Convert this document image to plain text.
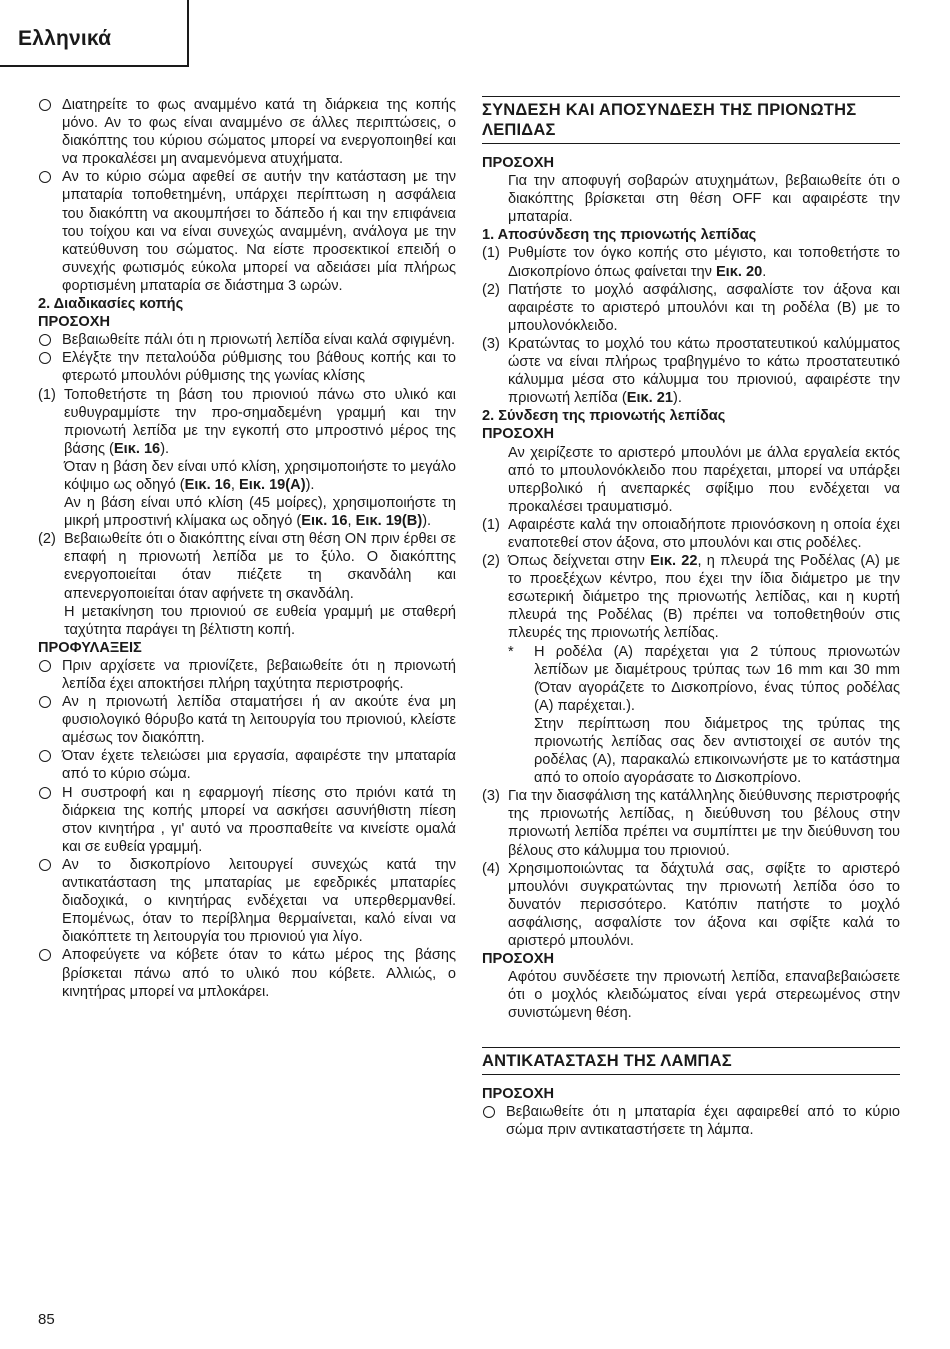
Ελληνικά
Διατηρείτε το φως αναμμένο κατά τη διάρκεια της κοπής μόνο. Αν το φως είναι αναμμένο σε άλλες περιπτώσεις, ο διακόπτης του κύριου σώματος μπορεί να ενεργοποιηθεί και να προκαλέσει μη αναμενόμενα ατυχήματα.
Αν το κύριο σώμα αφεθεί σε αυτήν την κατάσταση με την μπαταρία τοποθετημένη, υπάρχει περίπτωση η ασφάλεια του διακόπτη να ακουμπήσει το δάπεδο ή και την επιφάνεια του τοίχου και να είναι συνεχώς αναμμένη, ανάλογα με την κατεύθυνση του σώματος. Να είστε προσεκτικοί επειδή ο συνεχής φωτισμός εύκολα μπορεί να αδειάσει μία πλήρως φορτισμένη μπαταρία σε διάστημα 3 ωρών.
2. Διαδικασίες κοπής
ΠΡΟΣΟΧΗ
Βεβαιωθείτε πάλι ότι η πριονωτή λεπίδα είναι καλά σφιγμένη.
Ελέγξτε την πεταλούδα ρύθμισης του βάθους κοπής και το φτερωτό μπουλόνι ρύθμισης της γωνίας κλίσης
(1) Τοποθετήστε τη βάση του πριονιού πάνω στο υλικό και ευθυγραμμίστε την προ-σημαδεμένη γραμμή και την πριονωτή λεπίδα με την εγκοπή στο μπροστινό μέρος της βάσης (Εικ. 16).
Όταν η βάση δεν είναι υπό κλίση, χρησιμοποιήστε το μεγάλο κόψιμο ως οδηγό (Εικ. 16, Εικ. 19(A)).
Αν η βάση είναι υπό κλίση (45 μοίρες), χρησιμοποιήστε τη μικρή μπροστινή κλίμακα ως οδηγό (Εικ. 16, Εικ. 19(B)).
(2) Βεβαιωθείτε ότι ο διακόπτης είναι στη θέση ON πριν έρθει σε επαφή η πριονωτή λεπίδα με το ξύλο. Ο διακόπτης ενεργοποιείται όταν πιέζετε τη σκανδάλη και απενεργοποιείται όταν αφήνετε τη σκανδάλη.
Η μετακίνηση του πριονιού σε ευθεία γραμμή με σταθερή ταχύτητα παράγει τη βέλτιστη κοπή.
ΠΡΟΦΥΛΑΞΕΙΣ
Πριν αρχίσετε να πριονίζετε, βεβαιωθείτε ότι η πριονωτή λεπίδα έχει αποκτήσει πλήρη ταχύτητα περιστροφής.
Αν η πριονωτή λεπίδα σταματήσει ή αν ακούτε ένα μη φυσιολογικό θόρυβο κατά τη λειτουργία του πριονιού, κλείστε αμέσως τον διακόπτη.
Όταν έχετε τελειώσει μια εργασία, αφαιρέστε την μπαταρία από το κύριο σώμα.
Η συστροφή και η εφαρμογή πίεσης στο πριόνι κατά τη διάρκεια της κοπής μπορεί να ασκήσει ασυνήθιστη πίεση στον κινητήρα , γι' αυτό να προσπαθείτε να κινείστε ομαλά και σε ευθεία γραμμή.
Αν το δισκοπρίονο λειτουργεί συνεχώς κατά την αντικατάσταση της μπαταρίας με εφεδρικές μπαταρίες διαδοχικά, ο κινητήρας ενδέχεται να υπερθερμανθεί. Επομένως, όταν το περίβλημα θερμαίνεται, καλό είναι να διακόπτετε τη λειτουργία του πριονιού για λίγο.
Αποφεύγετε να κόβετε όταν το κάτω μέρος της βάσης βρίσκεται πάνω από το υλικό που κόβετε. Αλλιώς, ο κινητήρας μπορεί να μπλοκάρει.
ΣΥΝΔΕΣΗ ΚΑΙ ΑΠΟΣΥΝΔΕΣΗ ΤΗΣ ΠΡΙΟΝΩΤΗΣ ΛΕΠΙΔΑΣ
ΠΡΟΣΟΧΗ
Για την αποφυγή σοβαρών ατυχημάτων, βεβαιωθείτε ότι ο διακόπτης βρίσκεται στη θέση OFF και αφαιρέστε την μπαταρία.
1. Αποσύνδεση της πριονωτής λεπίδας
(1) Ρυθμίστε τον όγκο κοπής στο μέγιστο, και τοποθετήστε το Δισκοπρίονο όπως φαίνεται την Εικ. 20.
(2) Πατήστε το μοχλό ασφάλισης, ασφαλίστε τον άξονα και αφαιρέστε το αριστερό μπουλόνι και τη ροδέλα (B) με το μπουλονόκλειδο.
(3) Κρατώντας το μοχλό του κάτω προστατευτικού καλύμματος ώστε να είναι πλήρως τραβηγμένο το κάτω προστατευτικό κάλυμμα μέσα στο κάλυμμα του πριονιού, αφαιρέστε την πριονωτή λεπίδα (Εικ. 21).
2. Σύνδεση της πριονωτής λεπίδας
ΠΡΟΣΟΧΗ
Αν χειρίζεστε το αριστερό μπουλόνι με άλλα εργαλεία εκτός από το μπουλονόκλειδο που παρέχεται, μπορεί να υπάρξει υπερβολικό ή ανεπαρκές σφίξιμο που ενδέχεται να προκαλέσει τραυματισμό.
(1) Αφαιρέστε καλά την οποιαδήποτε πριονόσκονη η οποία έχει εναποτεθεί στον άξονα, στο μπουλόνι και στις ροδέλες.
(2) Όπως δείχνεται στην Εικ. 22, η πλευρά της Ροδέλας (A) με το προεξέχων κέντρο, που έχει την ίδια διάμετρο με την εσωτερική διάμετρο της πριονωτής λεπίδας, και η κυρτή πλευρά της Ροδέλας (B) πρέπει να τοποθετηθούν στις πλευρές της πριονωτής λεπίδας.
* Η ροδέλα (A) παρέχεται για 2 τύπους πριονωτών λεπίδων με διαμέτρους τρύπας των 16 mm και 30 mm (Όταν αγοράζετε το Δισκοπρίονο, ένας τύπος ροδέλας (A) παρέχεται.).
Στην περίπτωση που διάμετρος της τρύπας της πριονωτής λεπίδας σας δεν αντιστοιχεί σε αυτόν της ροδέλας (A), παρακαλώ επικοινωνήστε με το κατάστημα από το οποίο αγοράσατε το Δισκοπρίονο.
(3) Για την διασφάλιση της κατάλληλης διεύθυνσης περιστροφής της πριονωτής λεπίδας, η διεύθυνση του βέλους στην πριονωτή λεπίδα πρέπει να συμπίπτει με την διεύθυνση του βέλους στο κάλυμμα του πριονιού.
(4) Χρησιμοποιώντας τα δάχτυλά σας, σφίξτε το αριστερό μπουλόνι συγκρατώντας την πριονωτή λεπίδα όσο το δυνατόν περισσότερο. Κατόπιν πατήστε το μοχλό ασφάλισης, ασφαλίστε τον άξονα και σφίξτε καλά το αριστερό μπουλόνι.
ΠΡΟΣΟΧΗ
Αφότου συνδέσετε την πριονωτή λεπίδα, επαναβεβαιώσετε ότι ο μοχλός κλειδώματος είναι γερά στερεωμένος στην συνιστώμενη θέση.
ΑΝΤΙΚΑΤΑΣΤΑΣΗ ΤΗΣ ΛΑΜΠΑΣ
ΠΡΟΣΟΧΗ
Βεβαιωθείτε ότι η μπαταρία έχει αφαιρεθεί από το κύριο σώμα πριν αντικαταστήσετε τη λάμπα.
85
